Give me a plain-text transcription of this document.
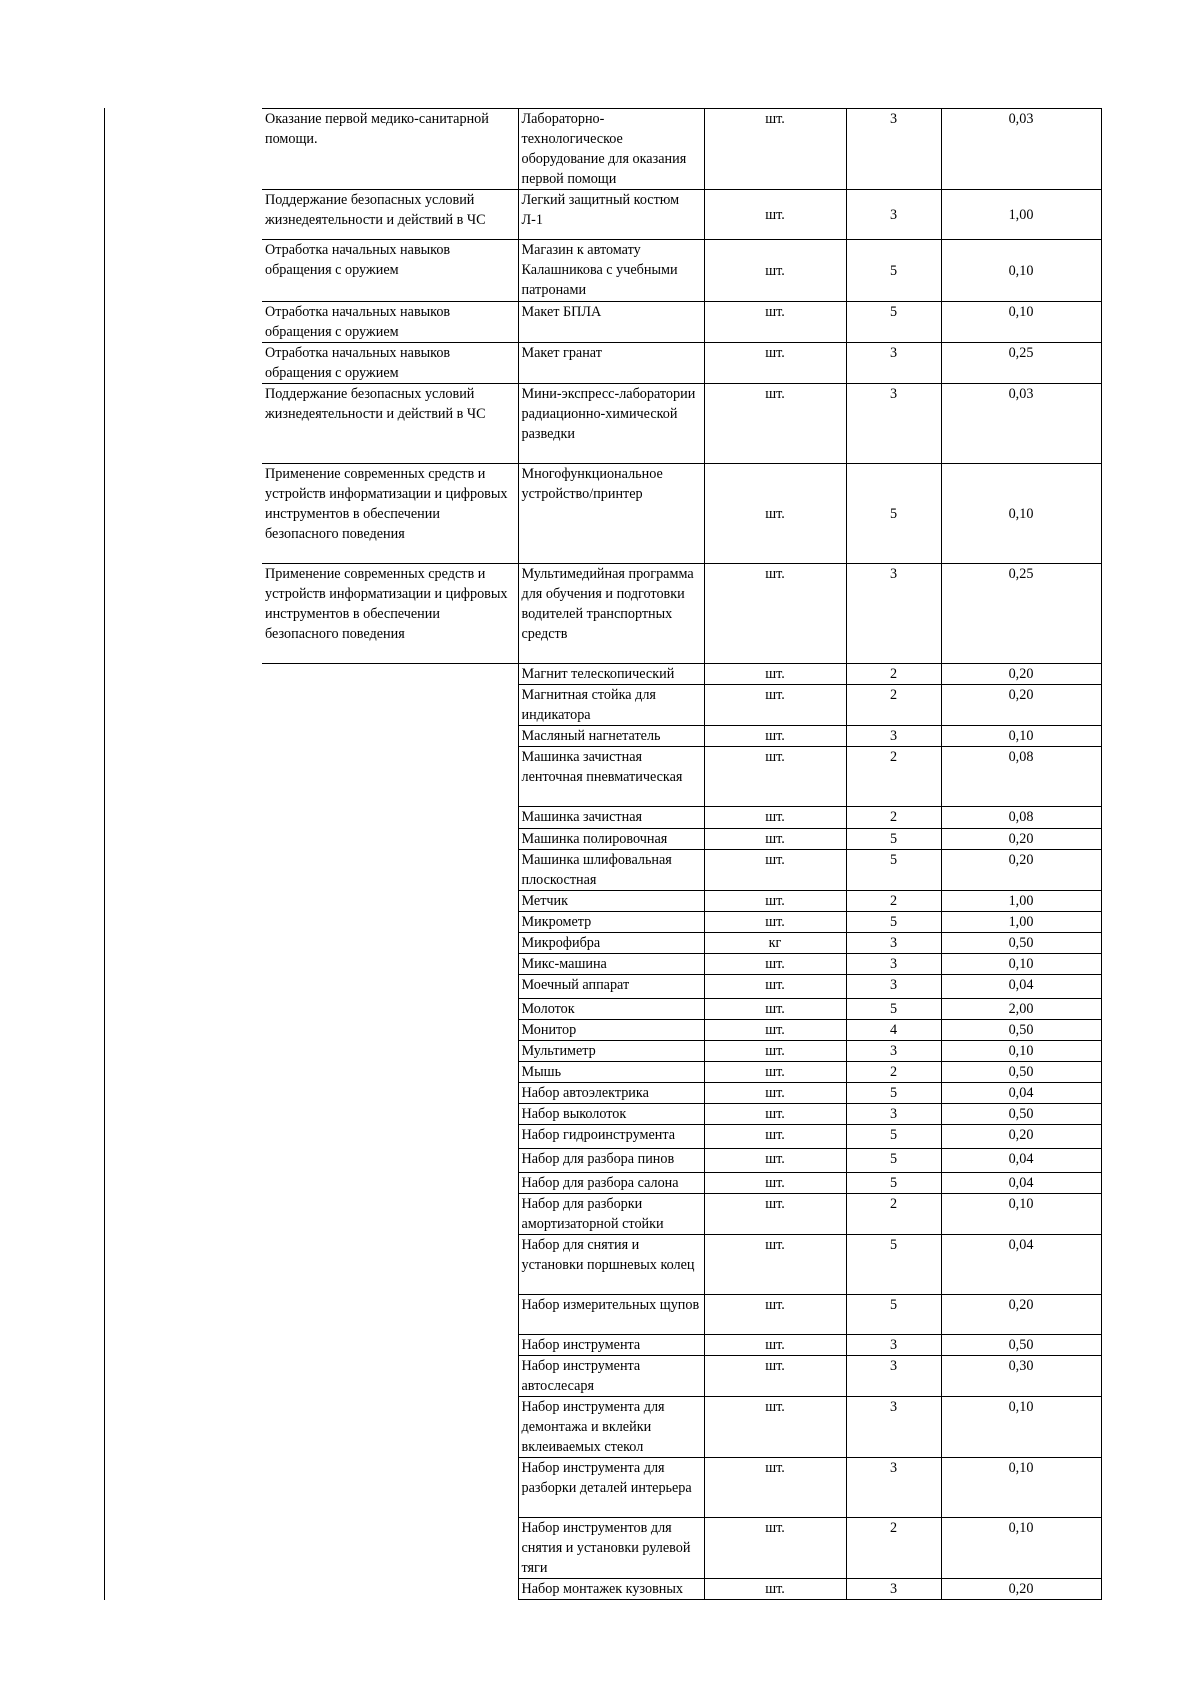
Оказание первой медико-санитарной помощи.	Лабораторно-технологическое оборудование для оказания первой помощи	шт.	3	0,03

Поддержание безопасных условий жизнедеятельности и действий в ЧС	Легкий защитный костюм Л-1	шт.	3	1,00

Отработка начальных навыков обращения с оружием	Магазин к автомату Калашникова с учебными патронами	шт.	5	0,10

Отработка начальных навыков обращения с оружием	Макет БПЛА	шт.	5	0,10

Отработка начальных навыков обращения с оружием	Макет гранат	шт.	3	0,25

Поддержание безопасных условий жизнедеятельности и действий в ЧС	Мини-экспресс-лаборатории радиационно-химической разведки	шт.	3	0,03

Применение современных средств и устройств информатизации и цифровых инструментов в обеспечении безопасного поведения	Многофункциональное устройство/принтер	шт.	5	0,10

Применение современных средств и устройств информатизации и цифровых инструментов в обеспечении безопасного поведения	Мультимедийная программа для обучения и подготовки водителей транспортных средств	шт.	3	0,25

	Магнит телескопический	шт.	2	0,20

	Магнитная стойка для индикатора	шт.	2	0,20

	Масляный нагнетатель	шт.	3	0,10

	Машинка зачистная ленточная пневматическая	шт.	2	0,08

	Машинка зачистная	шт.	2	0,08

	Машинка полировочная	шт.	5	0,20

	Машинка шлифовальная плоскостная	шт.	5	0,20

	Метчик	шт.	2	1,00

	Микрометр	шт.	5	1,00

	Микрофибра	кг	3	0,50

	Микс-машина	шт.	3	0,10

	Моечный аппарат	шт.	3	0,04

	Молоток	шт.	5	2,00

	Монитор	шт.	4	0,50

	Мультиметр	шт.	3	0,10

	Мышь	шт.	2	0,50

	Набор автоэлектрика	шт.	5	0,04

	Набор выколоток	шт.	3	0,50

	Набор гидроинструмента	шт.	5	0,20

	Набор для разбора пинов	шт.	5	0,04

	Набор для разбора салона	шт.	5	0,04

	Набор для разборки амортизаторной стойки	шт.	2	0,10

	Набор для снятия и установки поршневых колец	шт.	5	0,04

	Набор измерительных щупов	шт.	5	0,20

	Набор инструмента	шт.	3	0,50

	Набор инструмента автослесаря	шт.	3	0,30

	Набор инструмента для демонтажа и вклейки вклеиваемых стекол	шт.	3	0,10

	Набор инструмента для разборки деталей интерьера	шт.	3	0,10

	Набор инструментов для снятия и установки рулевой тяги	шт.	2	0,10

	Набор монтажек кузовных	шт.	3	0,20
